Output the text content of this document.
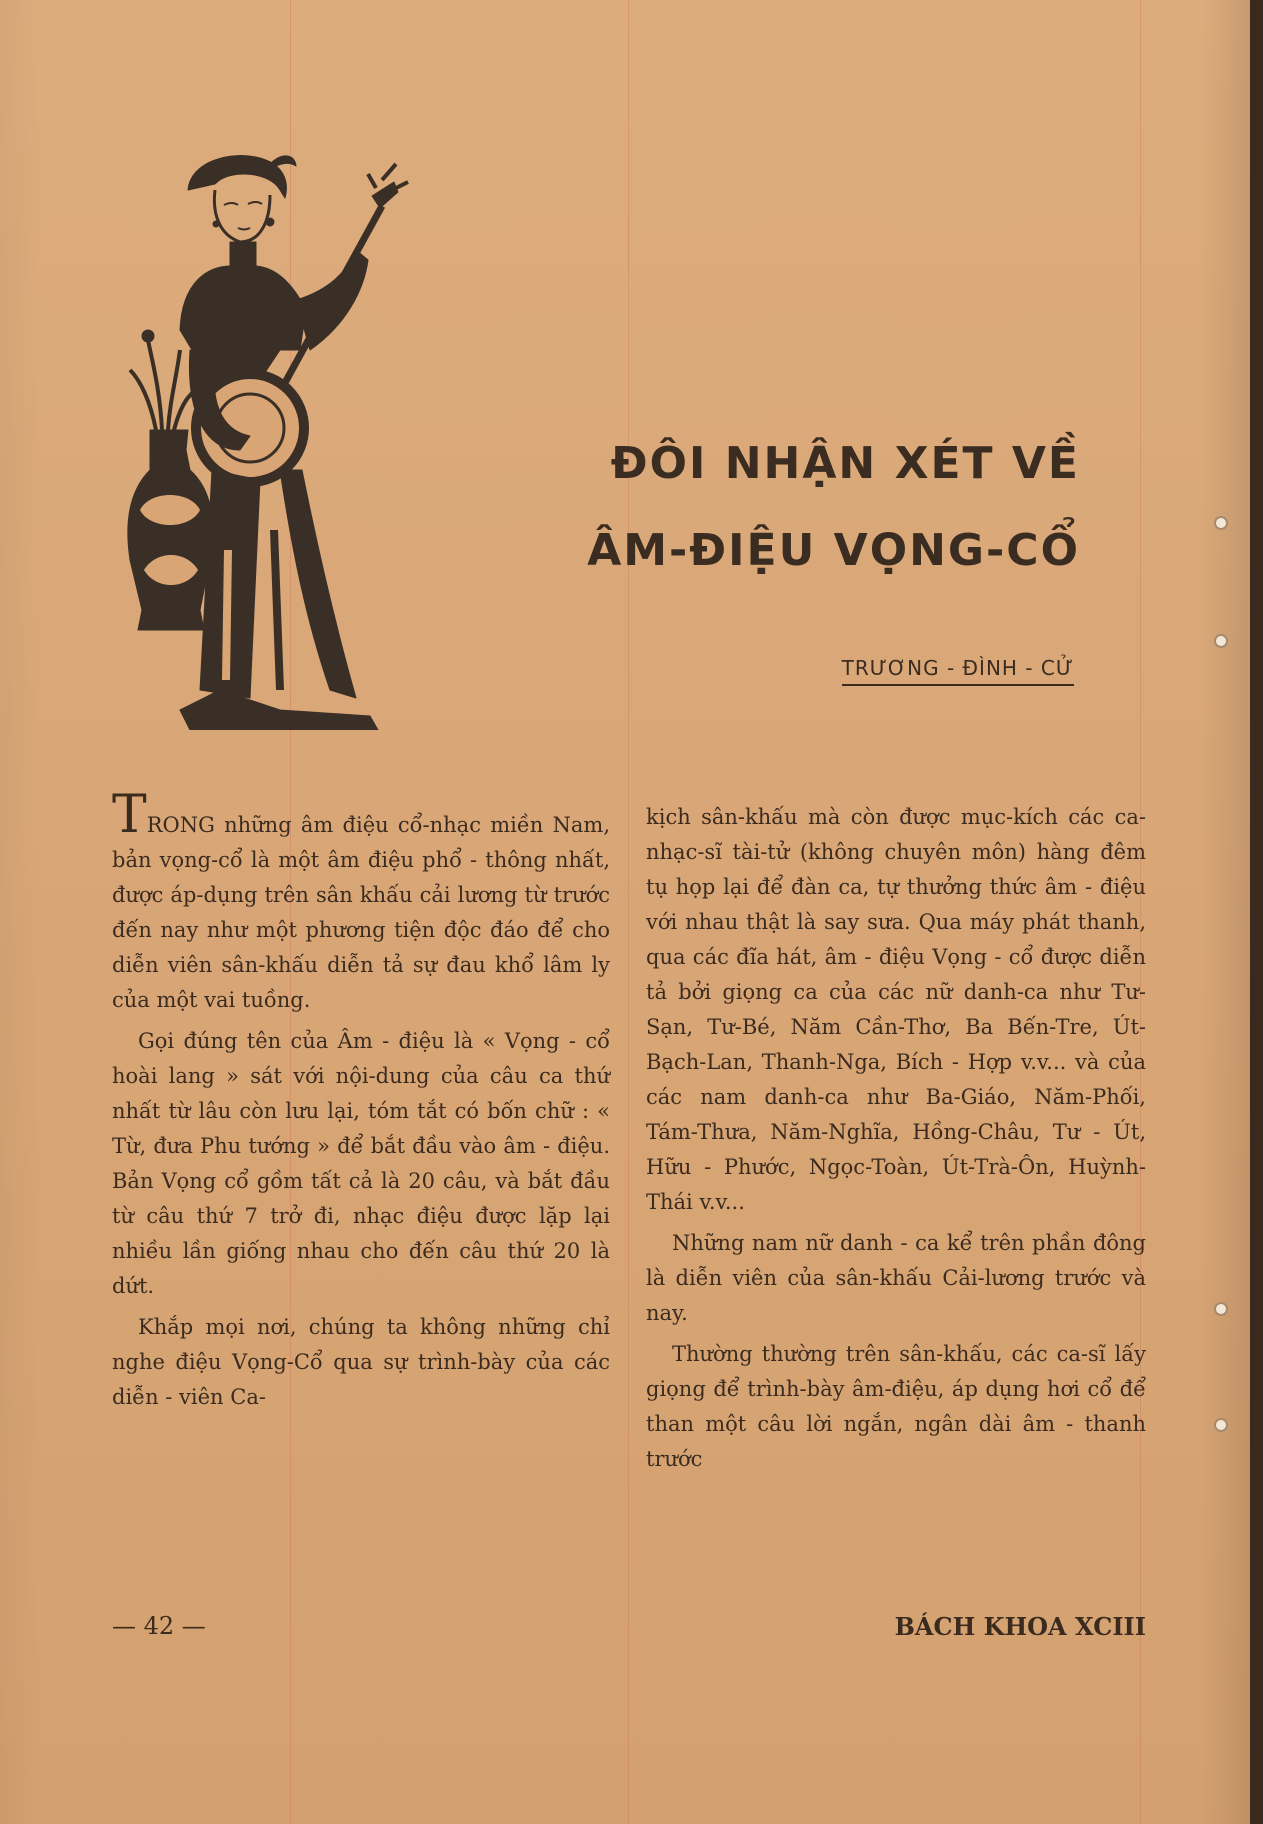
ĐÔI NHẬN XÉT VỀ
ÂM-ĐIỆU VỌNG-CỔ
TRƯƠNG - ĐÌNH - CỬ

TRONG những âm điệu cổ-nhạc miền Nam, bản vọng-cổ là một âm điệu phổ - thông nhất, được áp-dụng trên sân khấu cải lương từ trước đến nay như một phương tiện độc đáo để cho diễn viên sân-khấu diễn tả sự đau khổ lâm ly của một vai tuồng.

Gọi đúng tên của Âm - điệu là « Vọng - cổ hoài lang » sát với nội-dung của câu ca thứ nhất từ lâu còn lưu lại, tóm tắt có bốn chữ : « Từ, đưa Phu tướng » để bắt đầu vào âm - điệu. Bản Vọng cổ gồm tất cả là 20 câu, và bắt đầu từ câu thứ 7 trở đi, nhạc điệu được lặp lại nhiều lần giống nhau cho đến câu thứ 20 là dứt.

Khắp mọi nơi, chúng ta không những chỉ nghe điệu Vọng-Cổ qua sự trình-bày của các diễn - viên Ca-

kịch sân-khấu mà còn được mục-kích các ca-nhạc-sĩ tài-tử (không chuyên môn) hàng đêm tụ họp lại để đàn ca, tự thưởng thức âm - điệu với nhau thật là say sưa. Qua máy phát thanh, qua các đĩa hát, âm - điệu Vọng - cổ được diễn tả bởi giọng ca của các nữ danh-ca như Tư-Sạn, Tư-Bé, Năm Cần-Thơ, Ba Bến-Tre, Út-Bạch-Lan, Thanh-Nga, Bích - Hợp v.v... và của các nam danh-ca như Ba-Giáo, Năm-Phối, Tám-Thưa, Năm-Nghĩa, Hồng-Châu, Tư - Út, Hữu - Phước, Ngọc-Toàn, Út-Trà-Ôn, Huỳnh-Thái v.v...

Những nam nữ danh - ca kể trên phần đông là diễn viên của sân-khấu Cải-lương trước và nay.

Thường thường trên sân-khấu, các ca-sĩ lấy giọng để trình-bày âm-điệu, áp dụng hơi cổ để than một câu lời ngắn, ngân dài âm - thanh trước

— 42 —	BÁCH KHOA XCIII
